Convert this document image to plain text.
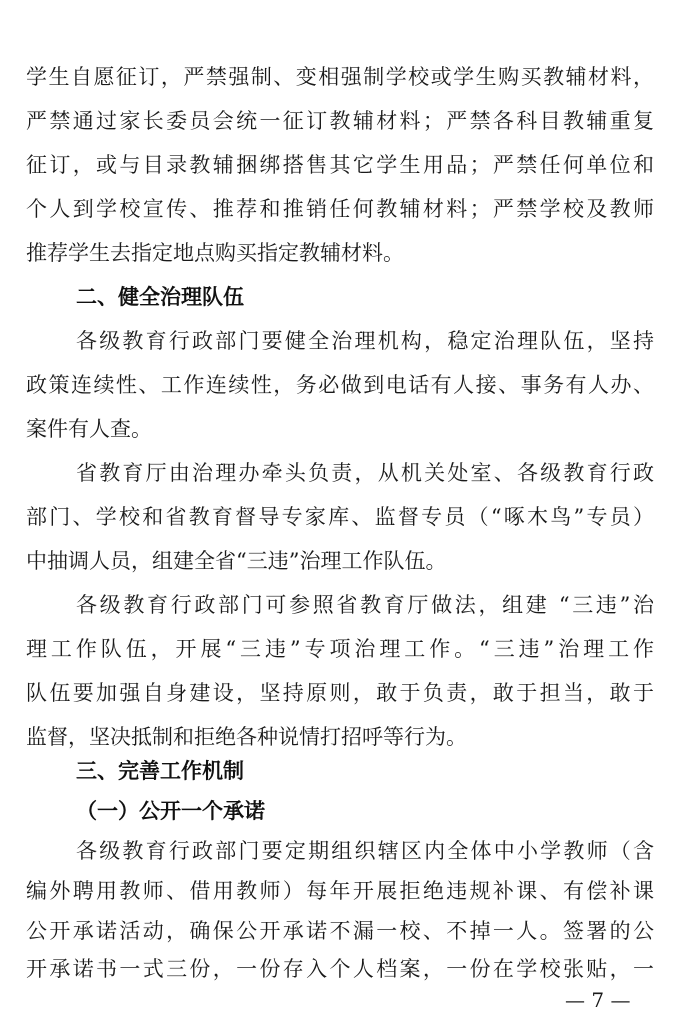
学生自愿征订，严禁强制、变相强制学校或学生购买教辅材料，
严禁通过家长委员会统一征订教辅材料；严禁各科目教辅重复
征订，或与目录教辅捆绑搭售其它学生用品；严禁任何单位和
个人到学校宣传、推荐和推销任何教辅材料；严禁学校及教师
推荐学生去指定地点购买指定教辅材料。
二、健全治理队伍
各级教育行政部门要健全治理机构，稳定治理队伍，坚持
政策连续性、工作连续性，务必做到电话有人接、事务有人办、
案件有人查。
省教育厅由治理办牵头负责，从机关处室、各级教育行政
部门、学校和省教育督导专家库、监督专员（“啄木鸟”专员）
中抽调人员，组建全省“三违”治理工作队伍。
各级教育行政部门可参照省教育厅做法，组建 “三违”治
理工作队伍，开展“三违”专项治理工作。“三违”治理工作
队伍要加强自身建设，坚持原则，敢于负责，敢于担当，敢于
监督，坚决抵制和拒绝各种说情打招呼等行为。
三、完善工作机制
（一）公开一个承诺
各级教育行政部门要定期组织辖区内全体中小学教师（含
编外聘用教师、借用教师）每年开展拒绝违规补课、有偿补课
公开承诺活动，确保公开承诺不漏一校、不掉一人。签署的公
开承诺书一式三份，一份存入个人档案，一份在学校张贴，一
— 7 —
